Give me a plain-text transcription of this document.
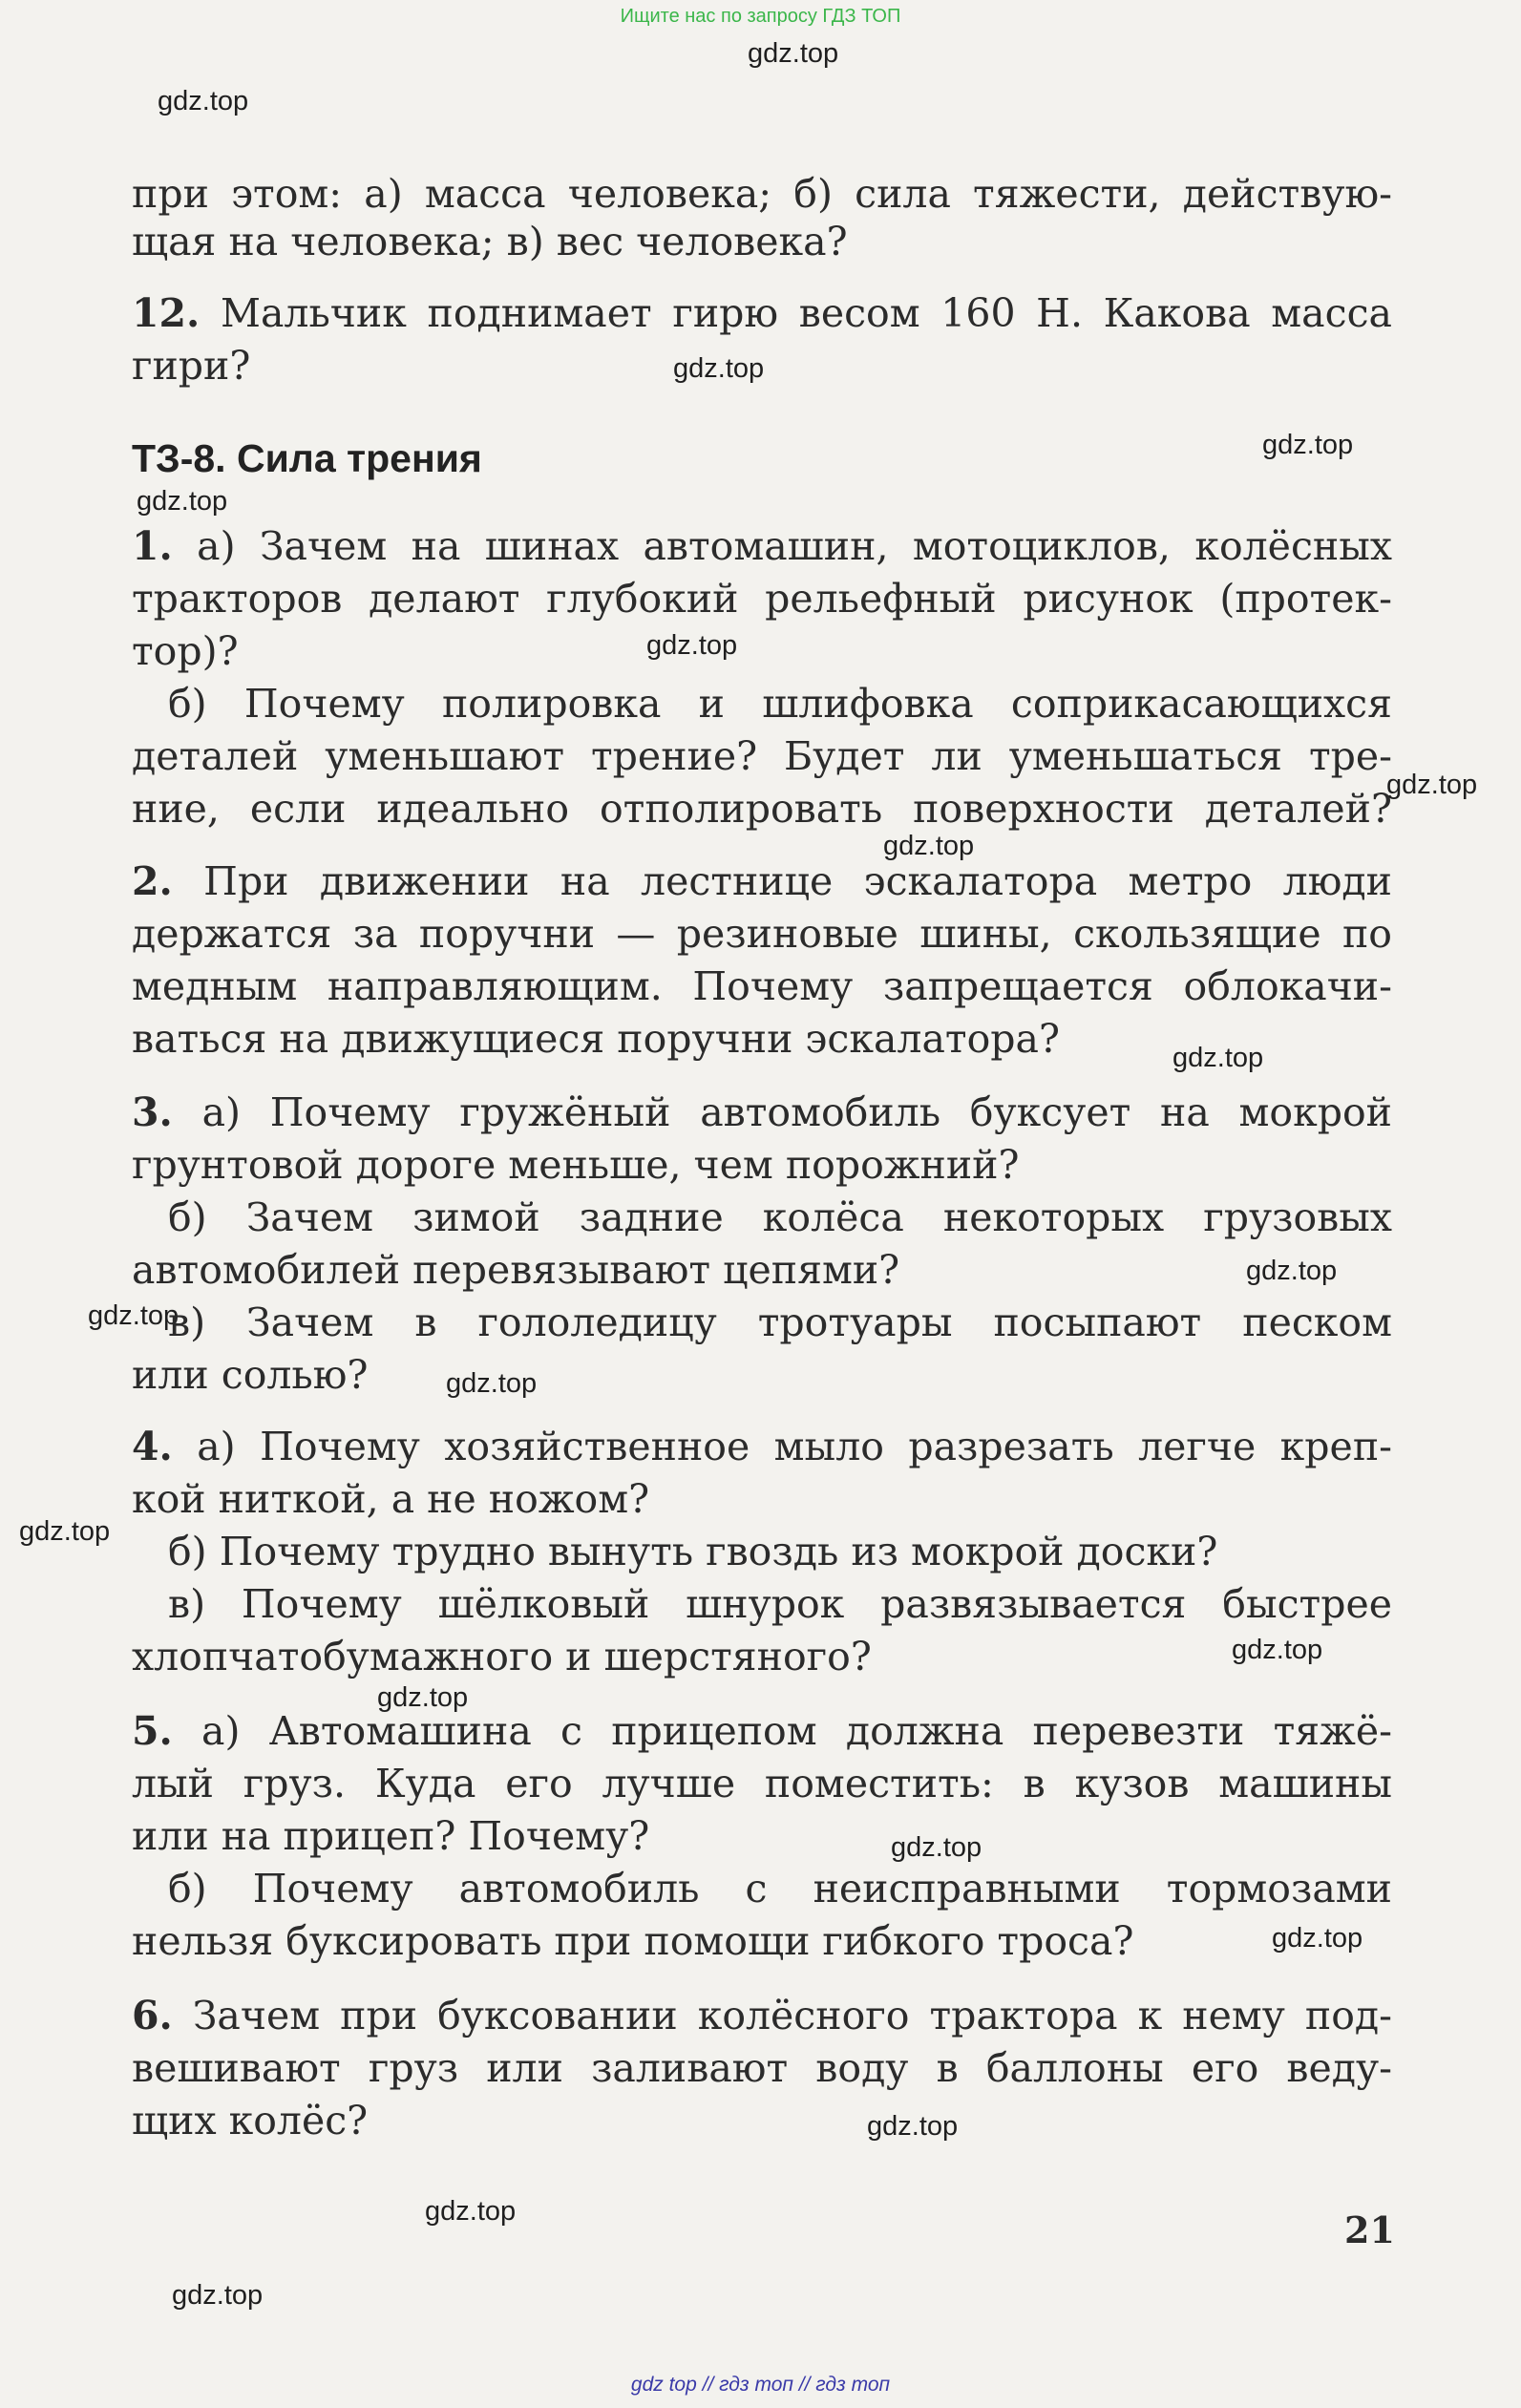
Ищите нас по запросу ГДЗ ТОП
gdz.top
gdz.top
gdz.top
gdz.top
gdz.top
gdz.top
gdz.top
gdz.top
gdz.top
gdz.top
gdz.top
gdz.top
gdz.top
gdz.top
gdz.top
gdz.top
gdz.top
gdz.top
gdz.top
gdz.top
при этом: а) масса человека; б) сила тяжести, действую-
щая на человека; в) вес человека?
12. Мальчик поднимает гирю весом 160 Н. Какова масса
гири?
ТЗ-8. Сила трения
1. а) Зачем на шинах автомашин, мотоциклов, колёсных
тракторов делают глубокий рельефный рисунок (протек-
тор)?
б) Почему полировка и шлифовка соприкасающихся
деталей уменьшают трение? Будет ли уменьшаться тре-
ние, если идеально отполировать поверхности деталей?
2. При движении на лестнице эскалатора метро люди
держатся за поручни — резиновые шины, скользящие по
медным направляющим. Почему запрещается облокачи-
ваться на движущиеся поручни эскалатора?
3. а) Почему гружёный автомобиль буксует на мокрой
грунтовой дороге меньше, чем порожний?
б) Зачем зимой задние колёса некоторых грузовых
автомобилей перевязывают цепями?
в) Зачем в гололедицу тротуары посыпают песком
или солью?
4. а) Почему хозяйственное мыло разрезать легче креп-
кой ниткой, а не ножом?
б) Почему трудно вынуть гвоздь из мокрой доски?
в) Почему шёлковый шнурок развязывается быстрее
хлопчатобумажного и шерстяного?
5. а) Автомашина с прицепом должна перевезти тяжё-
лый груз. Куда его лучше поместить: в кузов машины
или на прицеп? Почему?
б) Почему автомобиль с неисправными тормозами
нельзя буксировать при помощи гибкого троса?
6. Зачем при буксовании колёсного трактора к нему под-
вешивают груз или заливают воду в баллоны его веду-
щих колёс?
21
gdz top // гдз топ // гдз топ
